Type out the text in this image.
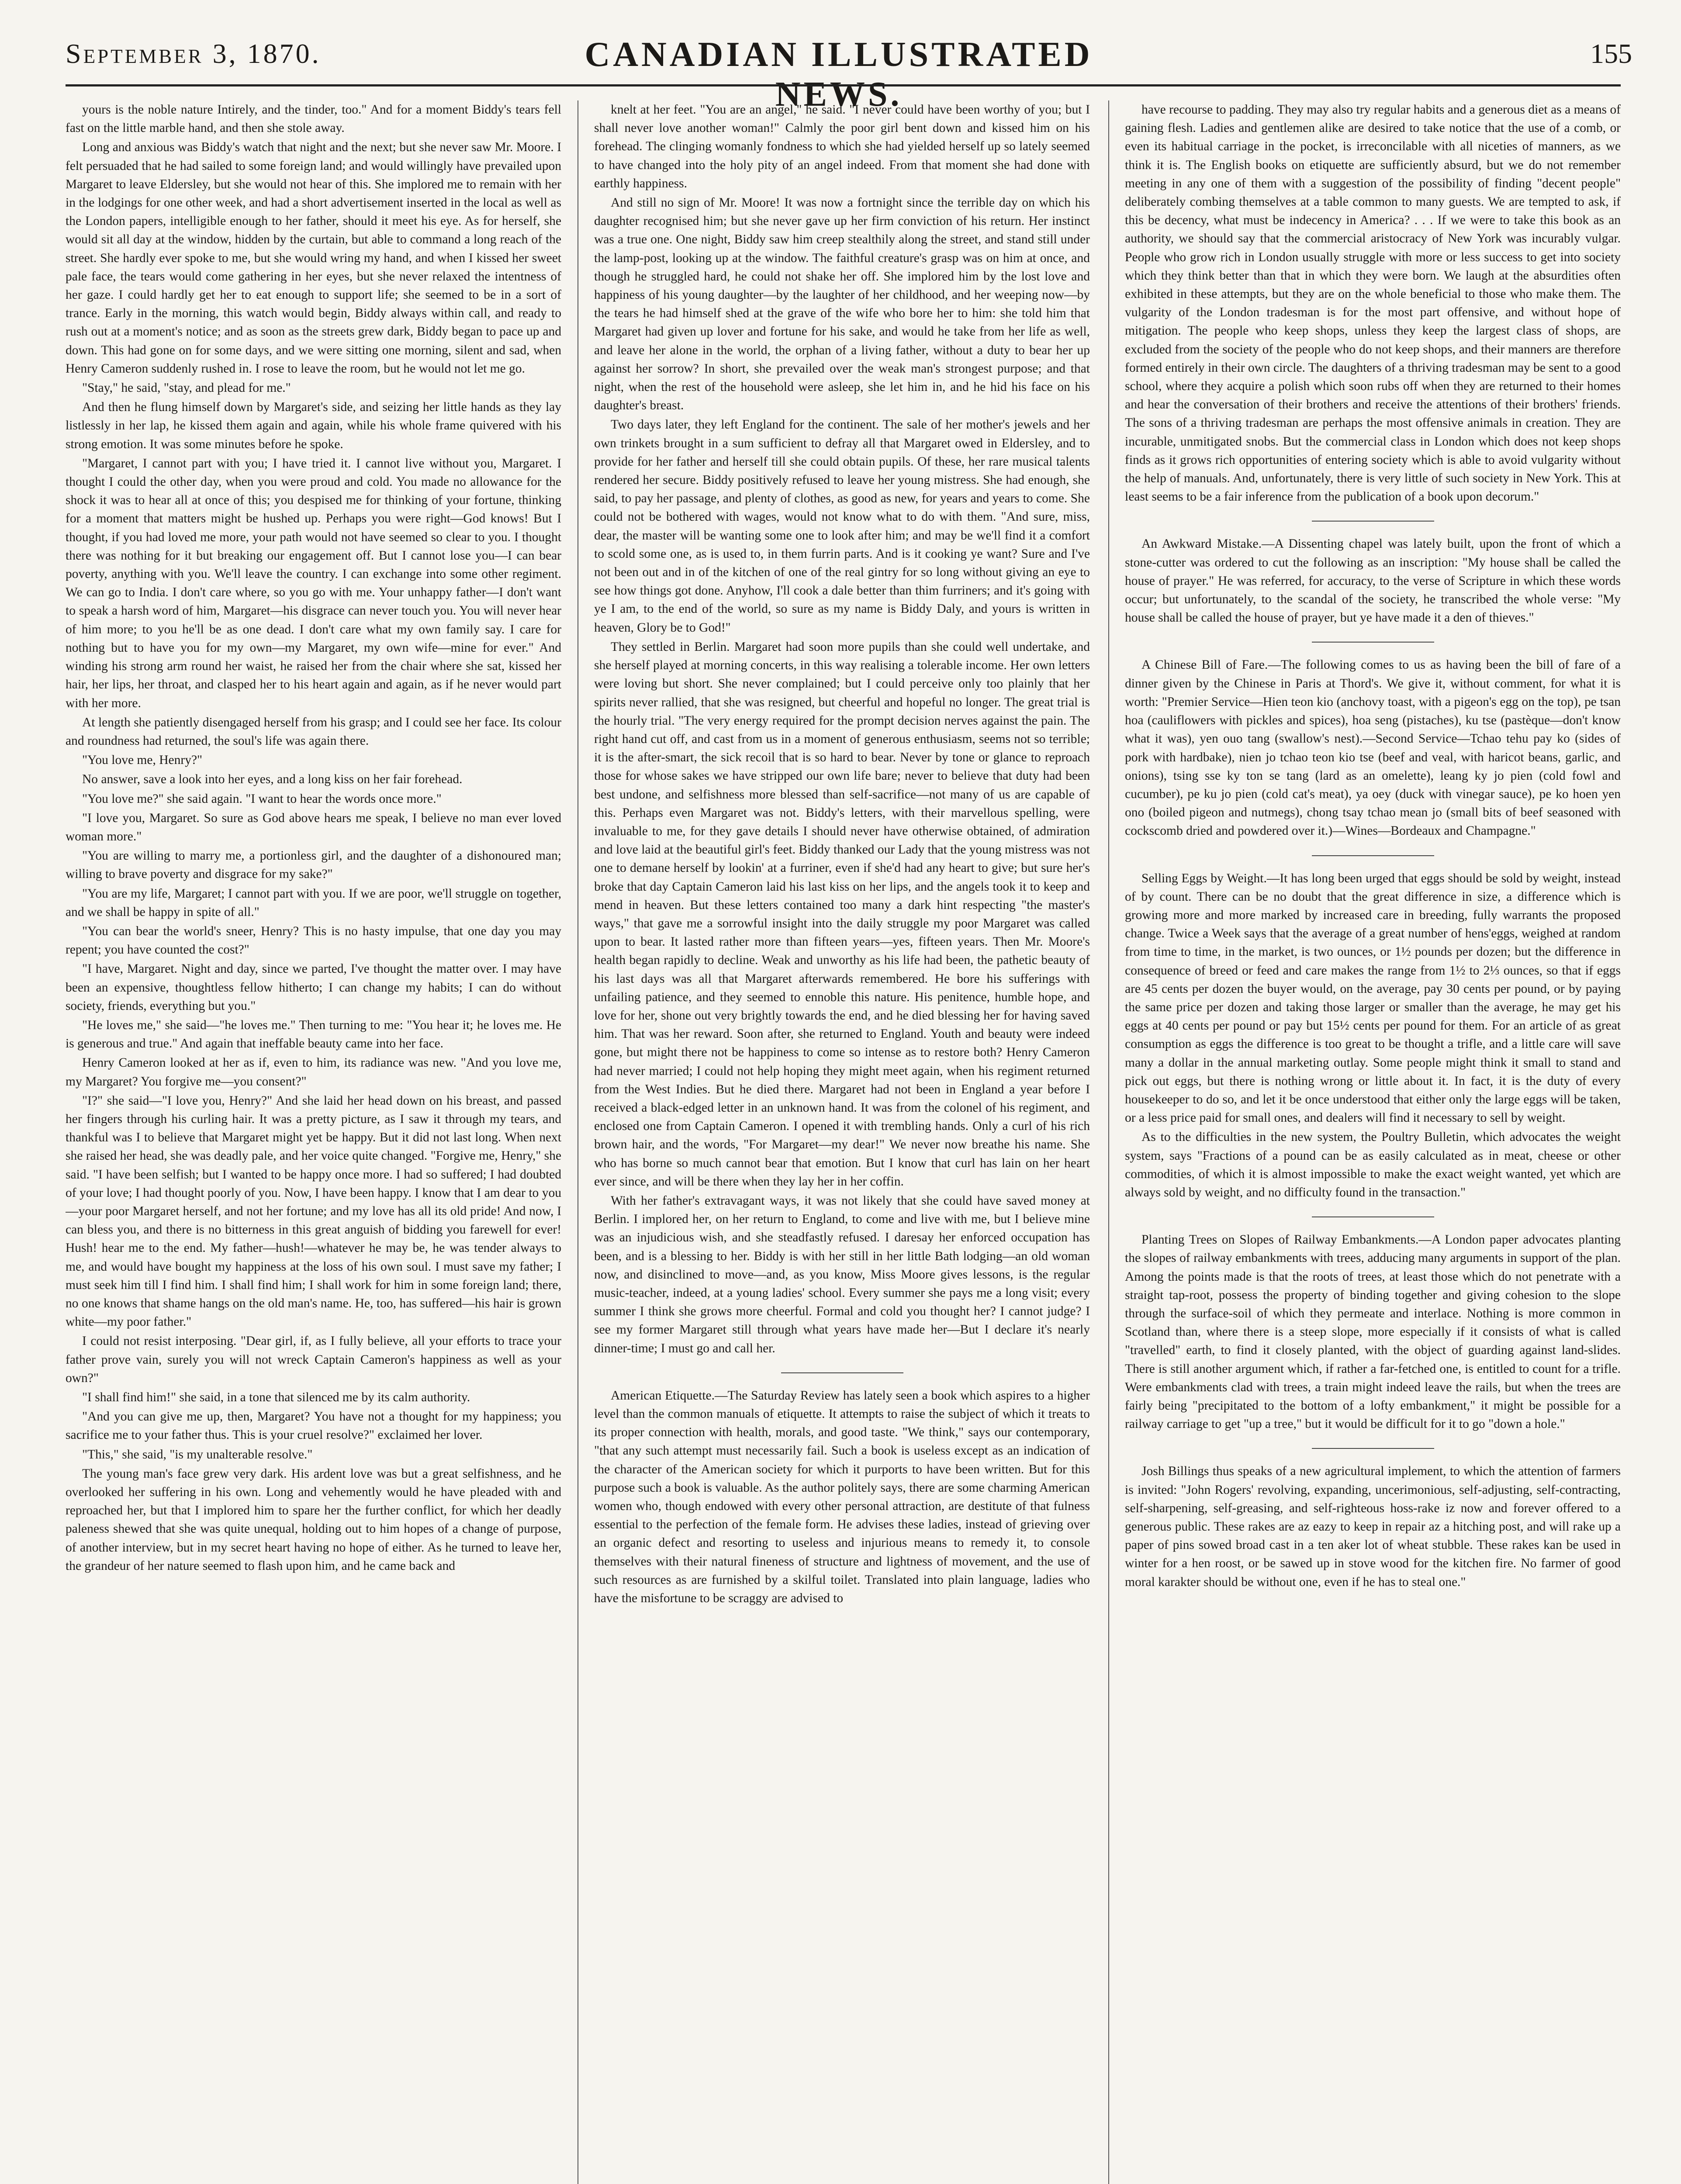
September 3, 1870.	CANADIAN ILLUSTRATED NEWS.
155

yours is the noble nature Intirely, and the tinder, too." And for a moment Biddy's tears fell fast on the little marble hand, and then she stole away.

Long and anxious was Biddy's watch that night and the next; but she never saw Mr. Moore. I felt persuaded that he had sailed to some foreign land; and would willingly have prevailed upon Margaret to leave Eldersley, but she would not hear of this. She implored me to remain with her in the lodgings for one other week, and had a short advertisement inserted in the local as well as the London papers, intelligible enough to her father, should it meet his eye. As for herself, she would sit all day at the window, hidden by the curtain, but able to command a long reach of the street. She hardly ever spoke to me, but she would wring my hand, and when I kissed her sweet pale face, the tears would come gathering in her eyes, but she never relaxed the intentness of her gaze. I could hardly get her to eat enough to support life; she seemed to be in a sort of trance. Early in the morning, this watch would begin, Biddy always within call, and ready to rush out at a moment's notice; and as soon as the streets grew dark, Biddy began to pace up and down. This had gone on for some days, and we were sitting one morning, silent and sad, when Henry Cameron suddenly rushed in. I rose to leave the room, but he would not let me go.

"Stay," he said, "stay, and plead for me."

And then he flung himself down by Margaret's side, and seizing her little hands as they lay listlessly in her lap, he kissed them again and again, while his whole frame quivered with his strong emotion. It was some minutes before he spoke.

"Margaret, I cannot part with you; I have tried it. I cannot live without you, Margaret. I thought I could the other day, when you were proud and cold. You made no allowance for the shock it was to hear all at once of this; you despised me for thinking of your fortune, thinking for a moment that matters might be hushed up. Perhaps you were right—God knows! But I thought, if you had loved me more, your path would not have seemed so clear to you. I thought there was nothing for it but breaking our engagement off. But I cannot lose you—I can bear poverty, anything with you. We'll leave the country. I can exchange into some other regiment. We can go to India. I don't care where, so you go with me. Your unhappy father—I don't want to speak a harsh word of him, Margaret—his disgrace can never touch you. You will never hear of him more; to you he'll be as one dead. I don't care what my own family say. I care for nothing but to have you for my own—my Margaret, my own wife—mine for ever." And winding his strong arm round her waist, he raised her from the chair where she sat, kissed her hair, her lips, her throat, and clasped her to his heart again and again, as if he never would part with her more.

At length she patiently disengaged herself from his grasp; and I could see her face. Its colour and roundness had returned, the soul's life was again there.

"You love me, Henry?"

No answer, save a look into her eyes, and a long kiss on her fair forehead.

"You love me?" she said again. "I want to hear the words once more."

"I love you, Margaret. So sure as God above hears me speak, I believe no man ever loved woman more."

"You are willing to marry me, a portionless girl, and the daughter of a dishonoured man; willing to brave poverty and disgrace for my sake?"

"You are my life, Margaret; I cannot part with you. If we are poor, we'll struggle on together, and we shall be happy in spite of all."

"You can bear the world's sneer, Henry? This is no hasty impulse, that one day you may repent; you have counted the cost?"

"I have, Margaret. Night and day, since we parted, I've thought the matter over. I may have been an expensive, thoughtless fellow hitherto; I can change my habits; I can do without society, friends, everything but you."

"He loves me," she said—"he loves me." Then turning to me: "You hear it; he loves me. He is generous and true." And again that ineffable beauty came into her face.

Henry Cameron looked at her as if, even to him, its radiance was new. "And you love me, my Margaret? You forgive me—you consent?"

"I?" she said—"I love you, Henry?" And she laid her head down on his breast, and passed her fingers through his curling hair. It was a pretty picture, as I saw it through my tears, and thankful was I to believe that Margaret might yet be happy. But it did not last long. When next she raised her head, she was deadly pale, and her voice quite changed. "Forgive me, Henry," she said. "I have been selfish; but I wanted to be happy once more. I had so suffered; I had doubted of your love; I had thought poorly of you. Now, I have been happy. I know that I am dear to you—your poor Margaret herself, and not her fortune; and my love has all its old pride! And now, I can bless you, and there is no bitterness in this great anguish of bidding you farewell for ever! Hush! hear me to the end. My father—hush!—whatever he may be, he was tender always to me, and would have bought my happiness at the loss of his own soul. I must save my father; I must seek him till I find him. I shall find him; I shall work for him in some foreign land; there, no one knows that shame hangs on the old man's name. He, too, has suffered—his hair is grown white—my poor father."

I could not resist interposing. "Dear girl, if, as I fully believe, all your efforts to trace your father prove vain, surely you will not wreck Captain Cameron's happiness as well as your own?"

"I shall find him!" she said, in a tone that silenced me by its calm authority.

"And you can give me up, then, Margaret? You have not a thought for my happiness; you sacrifice me to your father thus. This is your cruel resolve?" exclaimed her lover.

"This," she said, "is my unalterable resolve."

The young man's face grew very dark. His ardent love was but a great selfishness, and he overlooked her suffering in his own. Long and vehemently would he have pleaded with and reproached her, but that I implored him to spare her the further conflict, for which her deadly paleness shewed that she was quite unequal, holding out to him hopes of a change of purpose, of another interview, but in my secret heart having no hope of either. As he turned to leave her, the grandeur of her nature seemed to flash upon him, and he came back and

knelt at her feet. "You are an angel," he said. "I never could have been worthy of you; but I shall never love another woman!" Calmly the poor girl bent down and kissed him on his forehead. The clinging womanly fondness to which she had yielded herself up so lately seemed to have changed into the holy pity of an angel indeed. From that moment she had done with earthly happiness.

And still no sign of Mr. Moore! It was now a fortnight since the terrible day on which his daughter recognised him; but she never gave up her firm conviction of his return. Her instinct was a true one. One night, Biddy saw him creep stealthily along the street, and stand still under the lamp-post, looking up at the window. The faithful creature's grasp was on him at once, and though he struggled hard, he could not shake her off. She implored him by the lost love and happiness of his young daughter—by the laughter of her childhood, and her weeping now—by the tears he had himself shed at the grave of the wife who bore her to him: she told him that Margaret had given up lover and fortune for his sake, and would he take from her life as well, and leave her alone in the world, the orphan of a living father, without a duty to bear her up against her sorrow? In short, she prevailed over the weak man's strongest purpose; and that night, when the rest of the household were asleep, she let him in, and he hid his face on his daughter's breast.

Two days later, they left England for the continent. The sale of her mother's jewels and her own trinkets brought in a sum sufficient to defray all that Margaret owed in Eldersley, and to provide for her father and herself till she could obtain pupils. Of these, her rare musical talents rendered her secure. Biddy positively refused to leave her young mistress. She had enough, she said, to pay her passage, and plenty of clothes, as good as new, for years and years to come. She could not be bothered with wages, would not know what to do with them. "And sure, miss, dear, the master will be wanting some one to look after him; and may be we'll find it a comfort to scold some one, as is used to, in them furrin parts. And is it cooking ye want? Sure and I've not been out and in of the kitchen of one of the real gintry for so long without giving an eye to see how things got done. Anyhow, I'll cook a dale better than thim furriners; and it's going with ye I am, to the end of the world, so sure as my name is Biddy Daly, and yours is written in heaven, Glory be to God!"

They settled in Berlin. Margaret had soon more pupils than she could well undertake, and she herself played at morning concerts, in this way realising a tolerable income. Her own letters were loving but short. She never complained; but I could perceive only too plainly that her spirits never rallied, that she was resigned, but cheerful and hopeful no longer. The great trial is the hourly trial. "The very energy required for the prompt decision nerves against the pain. The right hand cut off, and cast from us in a moment of generous enthusiasm, seems not so terrible; it is the after-smart, the sick recoil that is so hard to bear. Never by tone or glance to reproach those for whose sakes we have stripped our own life bare; never to believe that duty had been best undone, and selfishness more blessed than self-sacrifice—not many of us are capable of this. Perhaps even Margaret was not. Biddy's letters, with their marvellous spelling, were invaluable to me, for they gave details I should never have otherwise obtained, of admiration and love laid at the beautiful girl's feet. Biddy thanked our Lady that the young mistress was not one to demane herself by lookin' at a furriner, even if she'd had any heart to give; but sure her's broke that day Captain Cameron laid his last kiss on her lips, and the angels took it to keep and mend in heaven. But these letters contained too many a dark hint respecting "the master's ways," that gave me a sorrowful insight into the daily struggle my poor Margaret was called upon to bear. It lasted rather more than fifteen years—yes, fifteen years. Then Mr. Moore's health began rapidly to decline. Weak and unworthy as his life had been, the pathetic beauty of his last days was all that Margaret afterwards remembered. He bore his sufferings with unfailing patience, and they seemed to ennoble this nature. His penitence, humble hope, and love for her, shone out very brightly towards the end, and he died blessing her for having saved him. That was her reward. Soon after, she returned to England. Youth and beauty were indeed gone, but might there not be happiness to come so intense as to restore both? Henry Cameron had never married; I could not help hoping they might meet again, when his regiment returned from the West Indies. But he died there. Margaret had not been in England a year before I received a black-edged letter in an unknown hand. It was from the colonel of his regiment, and enclosed one from Captain Cameron. I opened it with trembling hands. Only a curl of his rich brown hair, and the words, "For Margaret—my dear!" We never now breathe his name. She who has borne so much cannot bear that emotion. But I know that curl has lain on her heart ever since, and will be there when they lay her in her coffin.

With her father's extravagant ways, it was not likely that she could have saved money at Berlin. I implored her, on her return to England, to come and live with me, but I believe mine was an injudicious wish, and she steadfastly refused. I daresay her enforced occupation has been, and is a blessing to her. Biddy is with her still in her little Bath lodging—an old woman now, and disinclined to move—and, as you know, Miss Moore gives lessons, is the regular music-teacher, indeed, at a young ladies' school. Every summer she pays me a long visit; every summer I think she grows more cheerful. Formal and cold you thought her? I cannot judge? I see my former Margaret still through what years have made her—But I declare it's nearly dinner-time; I must go and call her.

American Etiquette.—The Saturday Review has lately seen a book which aspires to a higher level than the common manuals of etiquette. It attempts to raise the subject of which it treats to its proper connection with health, morals, and good taste. "We think," says our contemporary, "that any such attempt must necessarily fail. Such a book is useless except as an indication of the character of the American society for which it purports to have been written. But for this purpose such a book is valuable. As the author politely says, there are some charming American women who, though endowed with every other personal attraction, are destitute of that fulness essential to the perfection of the female form. He advises these ladies, instead of grieving over an organic defect and resorting to useless and injurious means to remedy it, to console themselves with their natural fineness of structure and lightness of movement, and the use of such resources as are furnished by a skilful toilet. Translated into plain language, ladies who have the misfortune to be scraggy are advised to

have recourse to padding. They may also try regular habits and a generous diet as a means of gaining flesh. Ladies and gentlemen alike are desired to take notice that the use of a comb, or even its habitual carriage in the pocket, is irreconcilable with all niceties of manners, as we think it is. The English books on etiquette are sufficiently absurd, but we do not remember meeting in any one of them with a suggestion of the possibility of finding "decent people" deliberately combing themselves at a table common to many guests. We are tempted to ask, if this be decency, what must be indecency in America? . . . If we were to take this book as an authority, we should say that the commercial aristocracy of New York was incurably vulgar. People who grow rich in London usually struggle with more or less success to get into society which they think better than that in which they were born. We laugh at the absurdities often exhibited in these attempts, but they are on the whole beneficial to those who make them. The vulgarity of the London tradesman is for the most part offensive, and without hope of mitigation. The people who keep shops, unless they keep the largest class of shops, are excluded from the society of the people who do not keep shops, and their manners are therefore formed entirely in their own circle. The daughters of a thriving tradesman may be sent to a good school, where they acquire a polish which soon rubs off when they are returned to their homes and hear the conversation of their brothers and receive the attentions of their brothers' friends. The sons of a thriving tradesman are perhaps the most offensive animals in creation. They are incurable, unmitigated snobs. But the commercial class in London which does not keep shops finds as it grows rich opportunities of entering society which is able to avoid vulgarity without the help of manuals. And, unfortunately, there is very little of such society in New York. This at least seems to be a fair inference from the publication of a book upon decorum."

An Awkward Mistake.—A Dissenting chapel was lately built, upon the front of which a stone-cutter was ordered to cut the following as an inscription: "My house shall be called the house of prayer." He was referred, for accuracy, to the verse of Scripture in which these words occur; but unfortunately, to the scandal of the society, he transcribed the whole verse: "My house shall be called the house of prayer, but ye have made it a den of thieves."

A Chinese Bill of Fare.—The following comes to us as having been the bill of fare of a dinner given by the Chinese in Paris at Thord's. We give it, without comment, for what it is worth: "Premier Service—Hien teon kio (anchovy toast, with a pigeon's egg on the top), pe tsan hoa (cauliflowers with pickles and spices), hoa seng (pistaches), ku tse (pastèque—don't know what it was), yen ouo tang (swallow's nest).—Second Service—Tchao tehu pay ko (sides of pork with hardbake), nien jo tchao teon kio tse (beef and veal, with haricot beans, garlic, and onions), tsing sse ky ton se tang (lard as an omelette), leang ky jo pien (cold fowl and cucumber), pe ku jo pien (cold cat's meat), ya oey (duck with vinegar sauce), pe ko hoen yen ono (boiled pigeon and nutmegs), chong tsay tchao mean jo (small bits of beef seasoned with cockscomb dried and powdered over it.)—Wines—Bordeaux and Champagne."

Selling Eggs by Weight.—It has long been urged that eggs should be sold by weight, instead of by count. There can be no doubt that the great difference in size, a difference which is growing more and more marked by increased care in breeding, fully warrants the proposed change. Twice a Week says that the average of a great number of hens'eggs, weighed at random from time to time, in the market, is two ounces, or 1½ pounds per dozen; but the difference in consequence of breed or feed and care makes the range from 1½ to 2⅓ ounces, so that if eggs are 45 cents per dozen the buyer would, on the average, pay 30 cents per pound, or by paying the same price per dozen and taking those larger or smaller than the average, he may get his eggs at 40 cents per pound or pay but 15½ cents per pound for them. For an article of as great consumption as eggs the difference is too great to be thought a trifle, and a little care will save many a dollar in the annual marketing outlay. Some people might think it small to stand and pick out eggs, but there is nothing wrong or little about it. In fact, it is the duty of every housekeeper to do so, and let it be once understood that either only the large eggs will be taken, or a less price paid for small ones, and dealers will find it necessary to sell by weight.

As to the difficulties in the new system, the Poultry Bulletin, which advocates the weight system, says "Fractions of a pound can be as easily calculated as in meat, cheese or other commodities, of which it is almost impossible to make the exact weight wanted, yet which are always sold by weight, and no difficulty found in the transaction."

Planting Trees on Slopes of Railway Embankments.—A London paper advocates planting the slopes of railway embankments with trees, adducing many arguments in support of the plan. Among the points made is that the roots of trees, at least those which do not penetrate with a straight tap-root, possess the property of binding together and giving cohesion to the slope through the surface-soil of which they permeate and interlace. Nothing is more common in Scotland than, where there is a steep slope, more especially if it consists of what is called "travelled" earth, to find it closely planted, with the object of guarding against land-slides. There is still another argument which, if rather a far-fetched one, is entitled to count for a trifle. Were embankments clad with trees, a train might indeed leave the rails, but when the trees are fairly being "precipitated to the bottom of a lofty embankment," it might be possible for a railway carriage to get "up a tree," but it would be difficult for it to go "down a hole."

Josh Billings thus speaks of a new agricultural implement, to which the attention of farmers is invited: "John Rogers' revolving, expanding, uncerimonious, self-adjusting, self-contracting, self-sharpening, self-greasing, and self-righteous hoss-rake iz now and forever offered to a generous public. These rakes are az eazy to keep in repair az a hitching post, and will rake up a paper of pins sowed broad cast in a ten aker lot of wheat stubble. These rakes kan be used in winter for a hen roost, or be sawed up in stove wood for the kitchen fire. No farmer of good moral karakter should be without one, even if he has to steal one."
